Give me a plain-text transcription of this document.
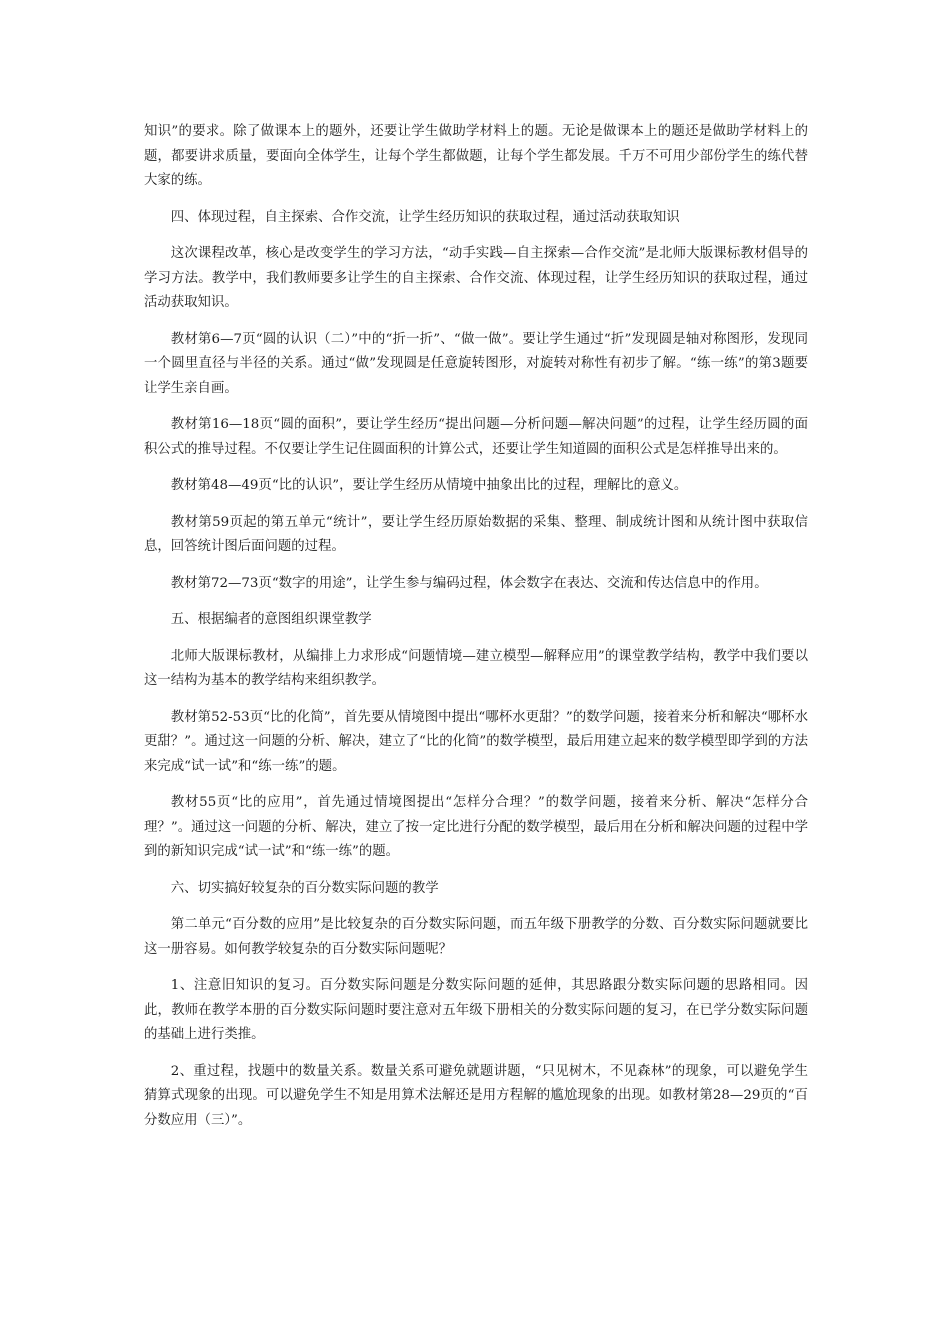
知识”的要求。除了做课本上的题外，还要让学生做助学材料上的题。无论是做课本上的题还是做助学材料上的题，都要讲求质量，要面向全体学生，让每个学生都做题，让每个学生都发展。千万不可用少部份学生的练代替大家的练。

四、体现过程，自主探索、合作交流，让学生经历知识的获取过程，通过活动获取知识

这次课程改革，核心是改变学生的学习方法，“动手实践—自主探索—合作交流”是北师大版课标教材倡导的学习方法。教学中，我们教师要多让学生的自主探索、合作交流、体现过程，让学生经历知识的获取过程，通过活动获取知识。

教材第6—7页“圆的认识（二）”中的“折一折”、“做一做”。要让学生通过“折”发现圆是轴对称图形，发现同一个圆里直径与半径的关系。通过“做”发现圆是任意旋转图形，对旋转对称性有初步了解。“练一练”的第3题要让学生亲自画。

教材第16—18页“圆的面积”，要让学生经历“提出问题—分析问题—解决问题”的过程，让学生经历圆的面积公式的推导过程。不仅要让学生记住圆面积的计算公式，还要让学生知道圆的面积公式是怎样推导出来的。

教材第48—49页“比的认识”，要让学生经历从情境中抽象出比的过程，理解比的意义。

教材第59页起的第五单元“统计”，要让学生经历原始数据的采集、整理、制成统计图和从统计图中获取信息，回答统计图后面问题的过程。

教材第72—73页“数字的用途”，让学生参与编码过程，体会数字在表达、交流和传达信息中的作用。

五、根据编者的意图组织课堂教学

北师大版课标教材，从编排上力求形成“问题情境—建立模型—解释应用”的课堂教学结构，教学中我们要以这一结构为基本的教学结构来组织教学。

教材第52-53页“比的化简”，首先要从情境图中提出“哪杯水更甜？”的数学问题，接着来分析和解决“哪杯水更甜？”。通过这一问题的分析、解决，建立了“比的化简”的数学模型，最后用建立起来的数学模型即学到的方法来完成“试一试”和“练一练”的题。

教材55页“比的应用”，首先通过情境图提出“怎样分合理？”的数学问题，接着来分析、解决“怎样分合理？”。通过这一问题的分析、解决，建立了按一定比进行分配的数学模型，最后用在分析和解决问题的过程中学到的新知识完成“试一试”和“练一练”的题。

六、切实搞好较复杂的百分数实际问题的教学

第二单元“百分数的应用”是比较复杂的百分数实际问题，而五年级下册教学的分数、百分数实际问题就要比这一册容易。如何教学较复杂的百分数实际问题呢？

1、注意旧知识的复习。百分数实际问题是分数实际问题的延伸，其思路跟分数实际问题的思路相同。因此，教师在教学本册的百分数实际问题时要注意对五年级下册相关的分数实际问题的复习，在已学分数实际问题的基础上进行类推。

2、重过程，找题中的数量关系。数量关系可避免就题讲题，“只见树木，不见森林”的现象，可以避免学生猜算式现象的出现。可以避免学生不知是用算术法解还是用方程解的尴尬现象的出现。如教材第28—29页的“百分数应用（三）”。
